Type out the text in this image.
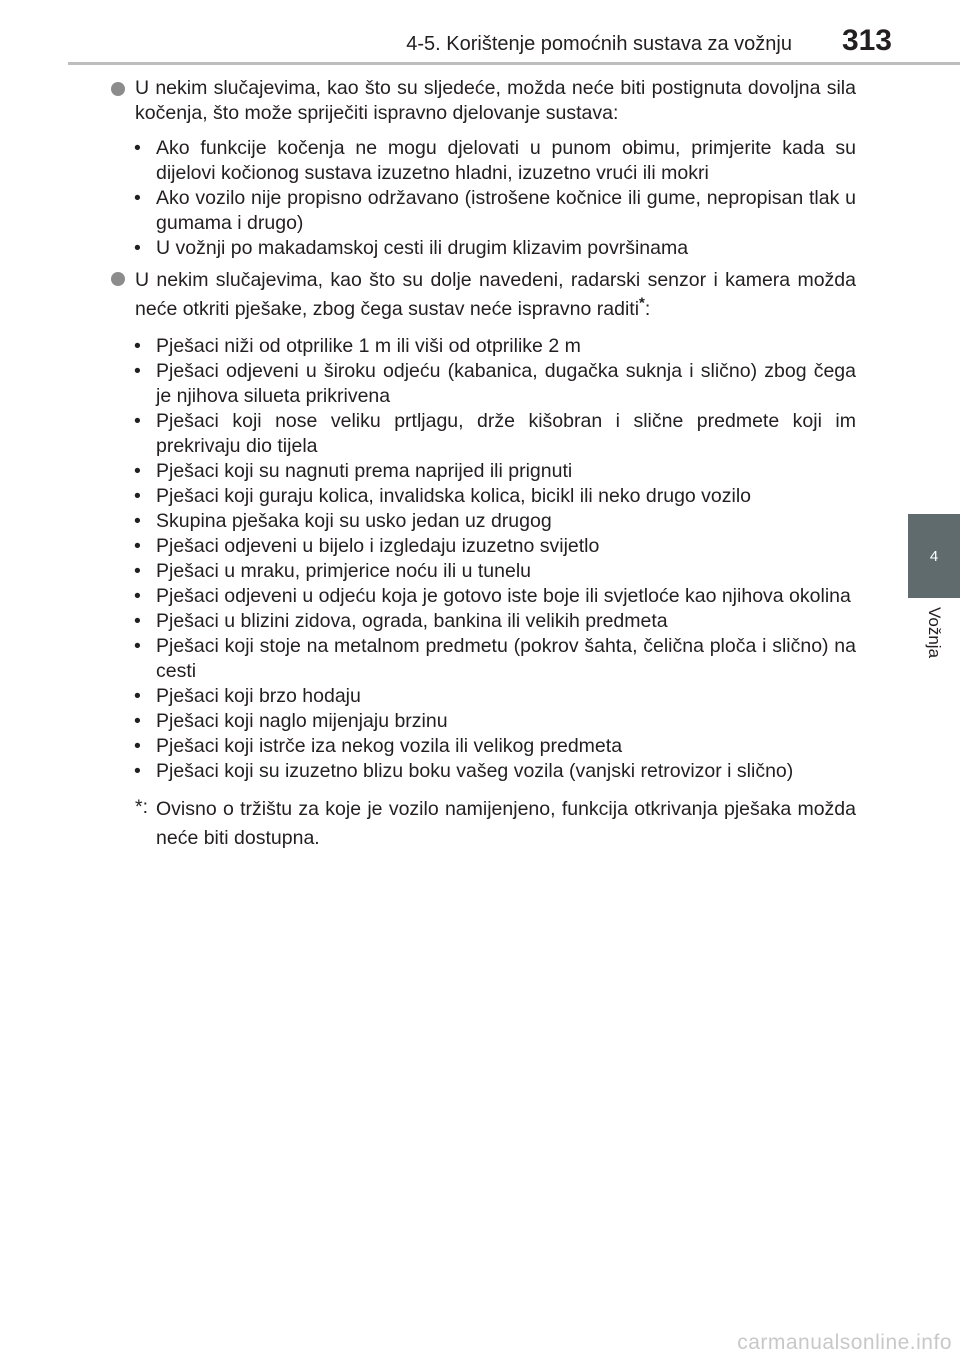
4-5. Korištenje pomoćnih sustava za vožnju 313
4
Vožnja
U nekim slučajevima, kao što su sljedeće, možda neće biti postignuta dovoljna sila kočenja, što može spriječiti ispravno djelovanje sustava:
• Ako funkcije kočenja ne mogu djelovati u punom obimu, primjerite kada su dijelovi kočionog sustava izuzetno hladni, izuzetno vrući ili mokri
• Ako vozilo nije propisno održavano (istrošene kočnice ili gume, nepropisan tlak u gumama i drugo)
• U vožnji po makadamskoj cesti ili drugim klizavim površinama
U nekim slučajevima, kao što su dolje navedeni, radarski senzor i kamera možda neće otkriti pješake, zbog čega sustav neće ispravno raditi*:
• Pješaci niži od otprilike 1 m ili viši od otprilike 2 m
• Pješaci odjeveni u široku odjeću (kabanica, dugačka suknja i slično) zbog čega je njihova silueta prikrivena
• Pješaci koji nose veliku prtljagu, drže kišobran i slične predmete koji im prekrivaju dio tijela
• Pješaci koji su nagnuti prema naprijed ili prignuti
• Pješaci koji guraju kolica, invalidska kolica, bicikl ili neko drugo vozilo
• Skupina pješaka koji su usko jedan uz drugog
• Pješaci odjeveni u bijelo i izgledaju izuzetno svijetlo
• Pješaci u mraku, primjerice noću ili u tunelu
• Pješaci odjeveni u odjeću koja je gotovo iste boje ili svjetloće kao njihova okolina
• Pješaci u blizini zidova, ograda, bankina ili velikih predmeta
• Pješaci koji stoje na metalnom predmetu (pokrov šahta, čelična ploča i slično) na cesti
• Pješaci koji brzo hodaju
• Pješaci koji naglo mijenjaju brzinu
• Pješaci koji istrče iza nekog vozila ili velikog predmeta
• Pješaci koji su izuzetno blizu boku vašeg vozila (vanjski retrovizor i slično)
*: Ovisno o tržištu za koje je vozilo namijenjeno, funkcija otkrivanja pješaka možda neće biti dostupna.
carmanualsonline.info
